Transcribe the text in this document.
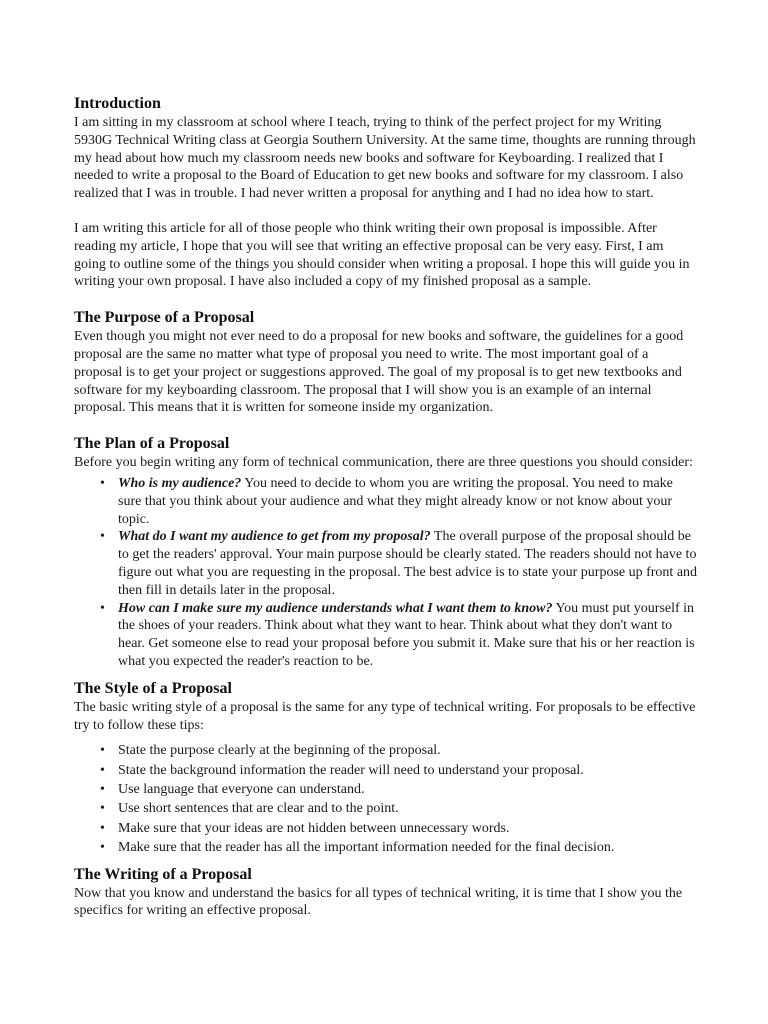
Introduction

I am sitting in my classroom at school where I teach, trying to think of the perfect project for my Writing 5930G Technical Writing class at Georgia Southern University. At the same time, thoughts are running through my head about how much my classroom needs new books and software for Keyboarding. I realized that I needed to write a proposal to the Board of Education to get new books and software for my classroom. I also realized that I was in trouble. I had never written a proposal for anything and I had no idea how to start.

I am writing this article for all of those people who think writing their own proposal is impossible. After reading my article, I hope that you will see that writing an effective proposal can be very easy. First, I am going to outline some of the things you should consider when writing a proposal. I hope this will guide you in writing your own proposal. I have also included a copy of my finished proposal as a sample.

The Purpose of a Proposal

Even though you might not ever need to do a proposal for new books and software, the guidelines for a good proposal are the same no matter what type of proposal you need to write. The most important goal of a proposal is to get your project or suggestions approved. The goal of my proposal is to get new textbooks and software for my keyboarding classroom. The proposal that I will show you is an example of an internal proposal. This means that it is written for someone inside my organization.

The Plan of a Proposal

Before you begin writing any form of technical communication, there are three questions you should consider:

• Who is my audience? You need to decide to whom you are writing the proposal. You need to make sure that you think about your audience and what they might already know or not know about your topic.
• What do I want my audience to get from my proposal? The overall purpose of the proposal should be to get the readers' approval. Your main purpose should be clearly stated. The readers should not have to figure out what you are requesting in the proposal. The best advice is to state your purpose up front and then fill in details later in the proposal.
• How can I make sure my audience understands what I want them to know? You must put yourself in the shoes of your readers. Think about what they want to hear. Think about what they don't want to hear. Get someone else to read your proposal before you submit it. Make sure that his or her reaction is what you expected the reader's reaction to be.
The Style of a Proposal

The basic writing style of a proposal is the same for any type of technical writing. For proposals to be effective try to follow these tips:

• State the purpose clearly at the beginning of the proposal.
• State the background information the reader will need to understand your proposal.
• Use language that everyone can understand.
• Use short sentences that are clear and to the point.
• Make sure that your ideas are not hidden between unnecessary words.
• Make sure that the reader has all the important information needed for the final decision.
The Writing of a Proposal

Now that you know and understand the basics for all types of technical writing, it is time that I show you the specifics for writing an effective proposal.
